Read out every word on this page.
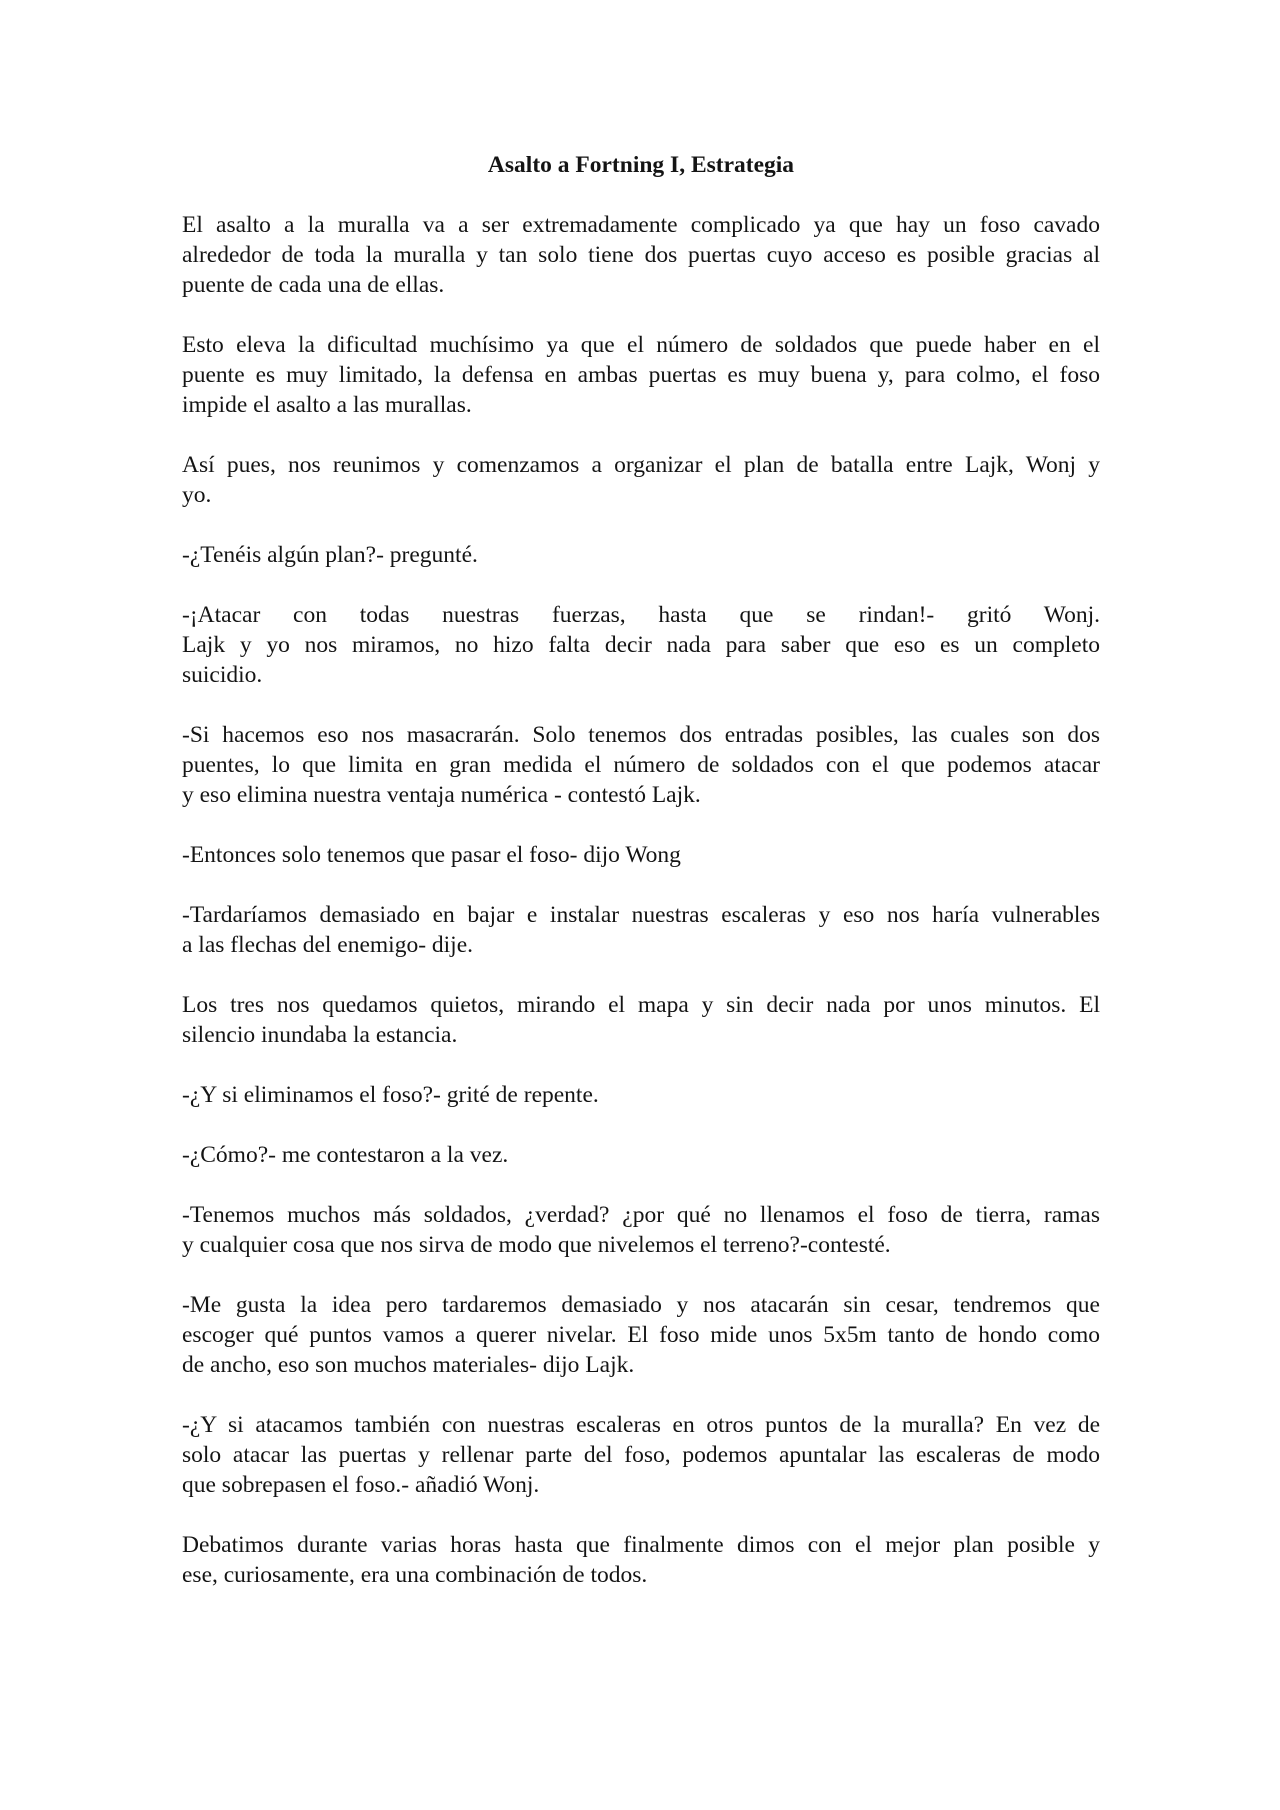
Asalto a Fortning I, Estrategia
El asalto a la muralla va a ser extremadamente complicado ya que hay un foso cavado
alrededor de toda la muralla y tan solo tiene dos puertas cuyo acceso es posible gracias al
puente de cada una de ellas.
Esto eleva la dificultad muchísimo ya que el número de soldados que puede haber en el
puente es muy limitado, la defensa en ambas puertas es muy buena y, para colmo, el foso
impide el asalto a las murallas.
Así pues, nos reunimos y comenzamos a organizar el plan de batalla entre Lajk, Wonj y
yo.
-¿Tenéis algún plan?- pregunté.
-¡Atacar con todas nuestras fuerzas, hasta que se rindan!- gritó Wonj.
Lajk y yo nos miramos, no hizo falta decir nada para saber que eso es un completo
suicidio.
-Si hacemos eso nos masacrarán. Solo tenemos dos entradas posibles, las cuales son dos
puentes, lo que limita en gran medida el número de soldados con el que podemos atacar
y eso elimina nuestra ventaja numérica - contestó Lajk.
-Entonces solo tenemos que pasar el foso- dijo Wong
-Tardaríamos demasiado en bajar e instalar nuestras escaleras y eso nos haría vulnerables
a las flechas del enemigo- dije.
Los tres nos quedamos quietos, mirando el mapa y sin decir nada por unos minutos. El
silencio inundaba la estancia.
-¿Y si eliminamos el foso?- grité de repente.
-¿Cómo?- me contestaron a la vez.
-Tenemos muchos más soldados, ¿verdad? ¿por qué no llenamos el foso de tierra, ramas
y cualquier cosa que nos sirva de modo que nivelemos el terreno?-contesté.
-Me gusta la idea pero tardaremos demasiado y nos atacarán sin cesar, tendremos que
escoger qué puntos vamos a querer nivelar. El foso mide unos 5x5m tanto de hondo como
de ancho, eso son muchos materiales- dijo Lajk.
-¿Y si atacamos también con nuestras escaleras en otros puntos de la muralla? En vez de
solo atacar las puertas y rellenar parte del foso, podemos apuntalar las escaleras de modo
que sobrepasen el foso.- añadió Wonj.
Debatimos durante varias horas hasta que finalmente dimos con el mejor plan posible y
ese, curiosamente, era una combinación de todos.
